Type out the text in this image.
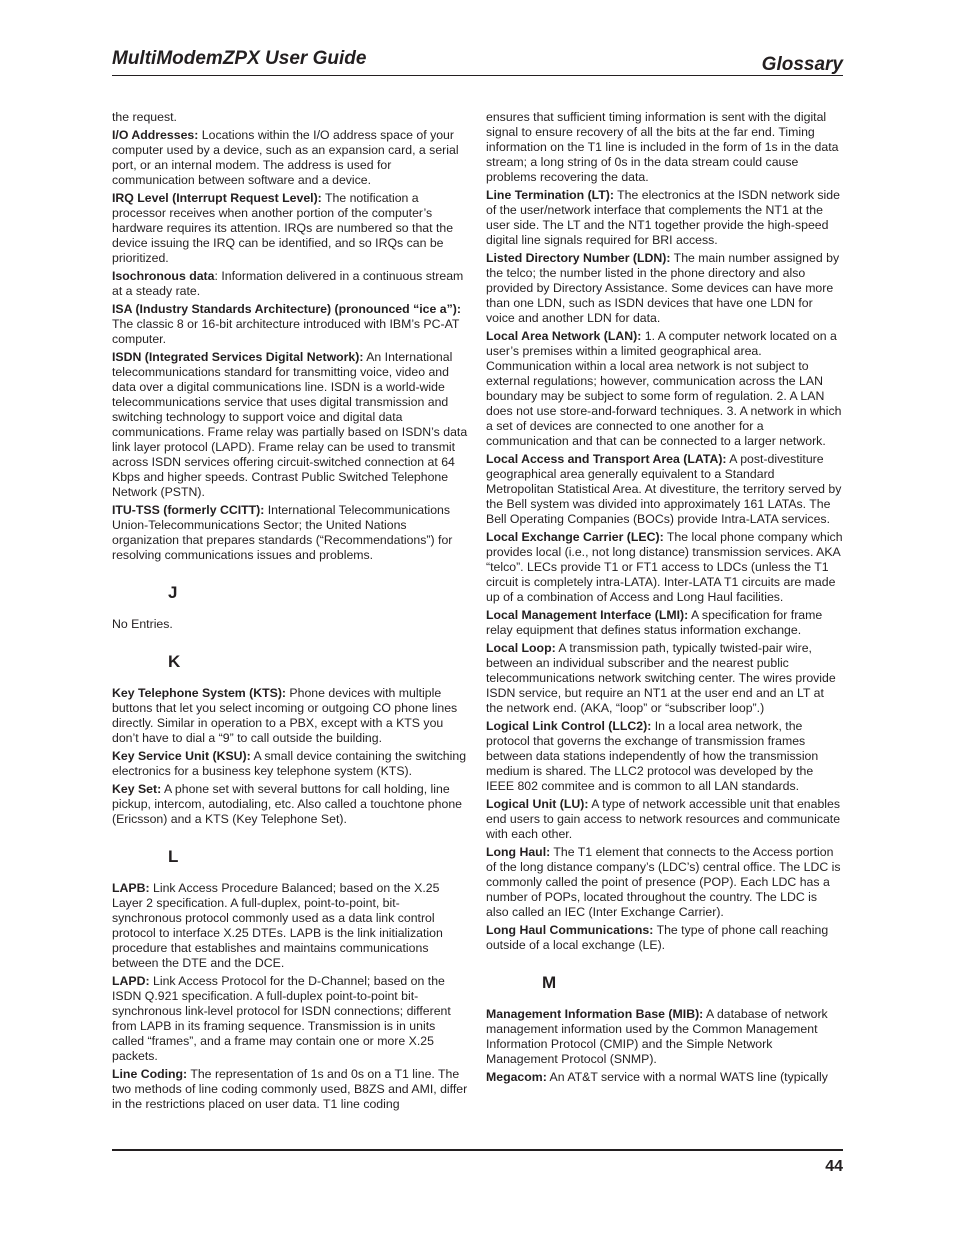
MultiModemZPX User Guide	Glossary

the request.

I/O Addresses: Locations within the I/O address space of your computer used by a device, such as an expansion card, a serial port, or an internal modem. The address is used for communication between software and a device.

IRQ Level (Interrupt Request Level): The notification a processor receives when another portion of the computer’s hardware requires its attention. IRQs are numbered so that the device issuing the IRQ can be identified, and so IRQs can be prioritized.

Isochronous data: Information delivered in a continuous stream at a steady rate.

ISA (Industry Standards Architecture) (pronounced “ice a”): The classic 8 or 16-bit architecture introduced with IBM’s PC-AT computer.

ISDN (Integrated Services Digital Network): An International telecommunications standard for transmitting voice, video and data over a digital communications line. ISDN is a world-wide telecommunications service that uses digital transmission and switching technology to support voice and digital data communications. Frame relay was partially based on ISDN’s data link layer protocol (LAPD). Frame relay can be used to transmit across ISDN services offering circuit-switched connection at 64 Kbps and higher speeds. Contrast Public Switched Telephone Network (PSTN).

ITU-TSS (formerly CCITT): International Telecommunications Union-Telecommunications Sector; the United Nations organization that prepares standards (“Recommendations”) for resolving communications issues and problems.

J

No Entries.

K

Key Telephone System (KTS): Phone devices with multiple buttons that let you select incoming or outgoing CO phone lines directly. Similar in operation to a PBX, except with a KTS you don’t have to dial a “9” to call outside the building.

Key Service Unit (KSU): A small device containing the switching electronics for a business key telephone system (KTS).

Key Set: A phone set with several buttons for call holding, line pickup, intercom, autodialing, etc. Also called a touchtone phone (Ericsson) and a KTS (Key Telephone Set).

L

LAPB: Link Access Procedure Balanced; based on the X.25 Layer 2 specification. A full-duplex, point-to-point, bit-synchronous protocol commonly used as a data link control protocol to interface X.25 DTEs. LAPB is the link initialization procedure that establishes and maintains communications between the DTE and the DCE.

LAPD: Link Access Protocol for the D-Channel; based on the ISDN Q.921 specification. A full-duplex point-to-point bit-synchronous link-level protocol for ISDN connections; different from LAPB in its framing sequence. Transmission is in units called “frames”, and a frame may contain one or more X.25 packets.

Line Coding: The representation of 1s and 0s on a T1 line. The two methods of line coding commonly used, B8ZS and AMI, differ in the restrictions placed on user data. T1 line coding

ensures that sufficient timing information is sent with the digital signal to ensure recovery of all the bits at the far end. Timing information on the T1 line is included in the form of 1s in the data stream; a long string of 0s in the data stream could cause problems recovering the data.

Line Termination (LT): The electronics at the ISDN network side of the user/network interface that complements the NT1 at the user side. The LT and the NT1 together provide the high-speed digital line signals required for BRI access.

Listed Directory Number (LDN): The main number assigned by the telco; the number listed in the phone directory and also provided by Directory Assistance. Some devices can have more than one LDN, such as ISDN devices that have one LDN for voice and another LDN for data.

Local Area Network (LAN): 1. A computer network located on a user’s premises within a limited geographical area. Communication within a local area network is not subject to external regulations; however, communication across the LAN boundary may be subject to some form of regulation. 2. A LAN does not use store-and-forward techniques. 3. A network in which a set of devices are connected to one another for a communication and that can be connected to a larger network.

Local Access and Transport Area (LATA): A post-divestiture geographical area generally equivalent to a Standard Metropolitan Statistical Area. At divestiture, the territory served by the Bell system was divided into approximately 161 LATAs. The Bell Operating Companies (BOCs) provide Intra-LATA services.

Local Exchange Carrier (LEC): The local phone company which provides local (i.e., not long distance) transmission services. AKA “telco”. LECs provide T1 or FT1 access to LDCs (unless the T1 circuit is completely intra-LATA). Inter-LATA T1 circuits are made up of a combination of Access and Long Haul facilities.

Local Management Interface (LMI): A specification for frame relay equipment that defines status information exchange.

Local Loop: A transmission path, typically twisted-pair wire, between an individual subscriber and the nearest public telecommunications network switching center. The wires provide ISDN service, but require an NT1 at the user end and an LT at the network end. (AKA, “loop” or “subscriber loop”.)

Logical Link Control (LLC2): In a local area network, the protocol that governs the exchange of transmission frames between data stations independently of how the transmission medium is shared. The LLC2 protocol was developed by the IEEE 802 commitee and is common to all LAN standards.

Logical Unit (LU): A type of network accessible unit that enables end users to gain access to network resources and communicate with each other.

Long Haul: The T1 element that connects to the Access portion of the long distance company’s (LDC’s) central office. The LDC is commonly called the point of presence (POP). Each LDC has a number of POPs, located throughout the country. The LDC is also called an IEC (Inter Exchange Carrier).

Long Haul Communications: The type of phone call reaching outside of a local exchange (LE).

M

Management Information Base (MIB): A database of network management information used by the Common Management Information Protocol (CMIP) and the Simple Network Management Protocol (SNMP).

Megacom: An AT&T service with a normal WATS line (typically

44
